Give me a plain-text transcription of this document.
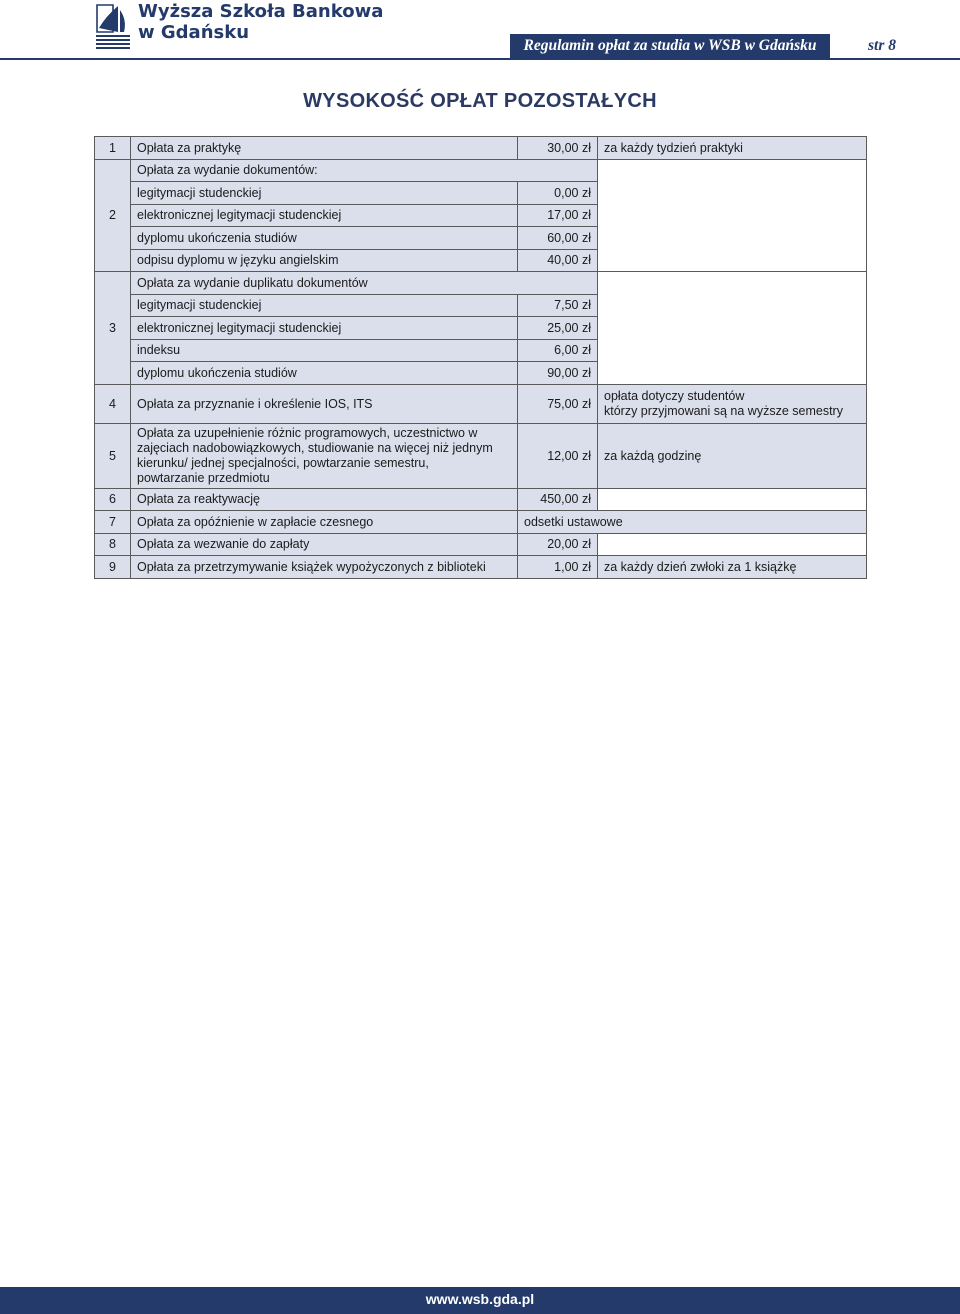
Wyższa Szkoła Bankowa
w Gdańsku
Regulamin opłat za studia w WSB w Gdańsku	str 8
WYSOKOŚĆ OPŁAT POZOSTAŁYCH
1	Opłata za praktykę	30,00 zł	za każdy tydzień praktyki
2	Opłata za wydanie dokumentów:		
	legitymacji studenckiej	0,00 zł	
	elektronicznej legitymacji studenckiej	17,00 zł	
	dyplomu ukończenia studiów	60,00 zł	
	odpisu dyplomu w języku angielskim	40,00 zł	
3	Opłata za wydanie duplikatu dokumentów		
	legitymacji studenckiej	7,50 zł	
	elektronicznej legitymacji studenckiej	25,00 zł	
	indeksu	6,00 zł	
	dyplomu ukończenia studiów	90,00 zł	
4	Opłata za przyznanie i określenie IOS, ITS	75,00 zł	opłata dotyczy studentów
którzy przyjmowani są na wyższe semestry

5	Opłata za uzupełnienie różnic programowych, uczestnictwo w zajęciach nadobowiązkowych, studiowanie na więcej niż jednym kierunku/ jednej specjalności, powtarzanie semestru, powtarzanie przedmiotu	12,00 zł	za każdą godzinę
6	Opłata za reaktywację	450,00 zł	
7	Opłata za opóźnienie w zapłacie czesnego	odsetki ustawowe	
8	Opłata za wezwanie do zapłaty	20,00 zł	
9	Opłata za przetrzymywanie książek wypożyczonych z biblioteki	1,00 zł	za każdy dzień zwłoki za 1 książkę
www.wsb.gda.pl
